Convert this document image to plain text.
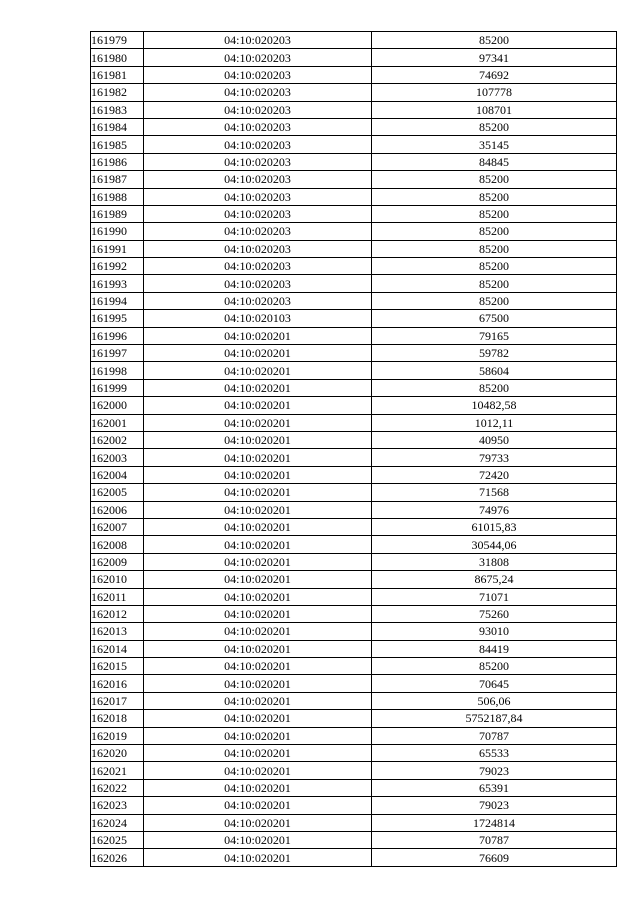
161979	04:10:020203	85200
161980	04:10:020203	97341
161981	04:10:020203	74692
161982	04:10:020203	107778
161983	04:10:020203	108701
161984	04:10:020203	85200
161985	04:10:020203	35145
161986	04:10:020203	84845
161987	04:10:020203	85200
161988	04:10:020203	85200
161989	04:10:020203	85200
161990	04:10:020203	85200
161991	04:10:020203	85200
161992	04:10:020203	85200
161993	04:10:020203	85200
161994	04:10:020203	85200
161995	04:10:020103	67500
161996	04:10:020201	79165
161997	04:10:020201	59782
161998	04:10:020201	58604
161999	04:10:020201	85200
162000	04:10:020201	10482,58
162001	04:10:020201	1012,11
162002	04:10:020201	40950
162003	04:10:020201	79733
162004	04:10:020201	72420
162005	04:10:020201	71568
162006	04:10:020201	74976
162007	04:10:020201	61015,83
162008	04:10:020201	30544,06
162009	04:10:020201	31808
162010	04:10:020201	8675,24
162011	04:10:020201	71071
162012	04:10:020201	75260
162013	04:10:020201	93010
162014	04:10:020201	84419
162015	04:10:020201	85200
162016	04:10:020201	70645
162017	04:10:020201	506,06
162018	04:10:020201	5752187,84
162019	04:10:020201	70787
162020	04:10:020201	65533
162021	04:10:020201	79023
162022	04:10:020201	65391
162023	04:10:020201	79023
162024	04:10:020201	1724814
162025	04:10:020201	70787
162026	04:10:020201	76609
